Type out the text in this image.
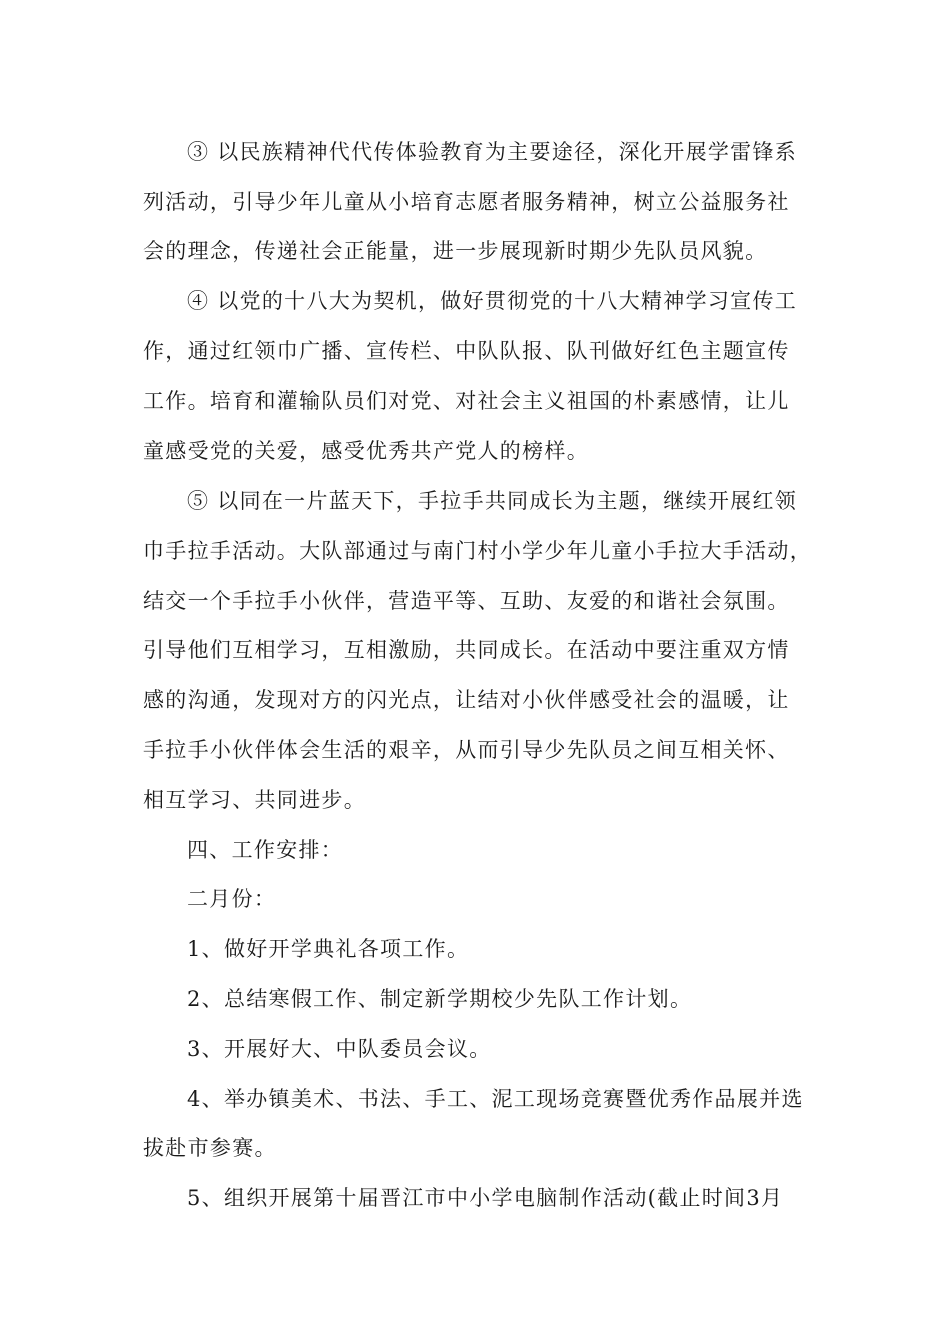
③ 以民族精神代代传体验教育为主要途径，深化开展学雷锋系
列活动，引导少年儿童从小培育志愿者服务精神，树立公益服务社
会的理念，传递社会正能量，进一步展现新时期少先队员风貌。
④ 以党的十八大为契机，做好贯彻党的十八大精神学习宣传工
作，通过红领巾广播、宣传栏、中队队报、队刊做好红色主题宣传
工作。培育和灌输队员们对党、对社会主义祖国的朴素感情，让儿
童感受党的关爱，感受优秀共产党人的榜样。
⑤ 以同在一片蓝天下，手拉手共同成长为主题，继续开展红领
巾手拉手活动。大队部通过与南门村小学少年儿童小手拉大手活动，
结交一个手拉手小伙伴，营造平等、互助、友爱的和谐社会氛围。
引导他们互相学习，互相激励，共同成长。在活动中要注重双方情
感的沟通，发现对方的闪光点，让结对小伙伴感受社会的温暖，让
手拉手小伙伴体会生活的艰辛，从而引导少先队员之间互相关怀、
相互学习、共同进步。
四、工作安排：
二月份：
1、做好开学典礼各项工作。
2、总结寒假工作、制定新学期校少先队工作计划。
3、开展好大、中队委员会议。
4、举办镇美术、书法、手工、泥工现场竞赛暨优秀作品展并选
拔赴市参赛。
5、组织开展第十届晋江市中小学电脑制作活动(截止时间3月
